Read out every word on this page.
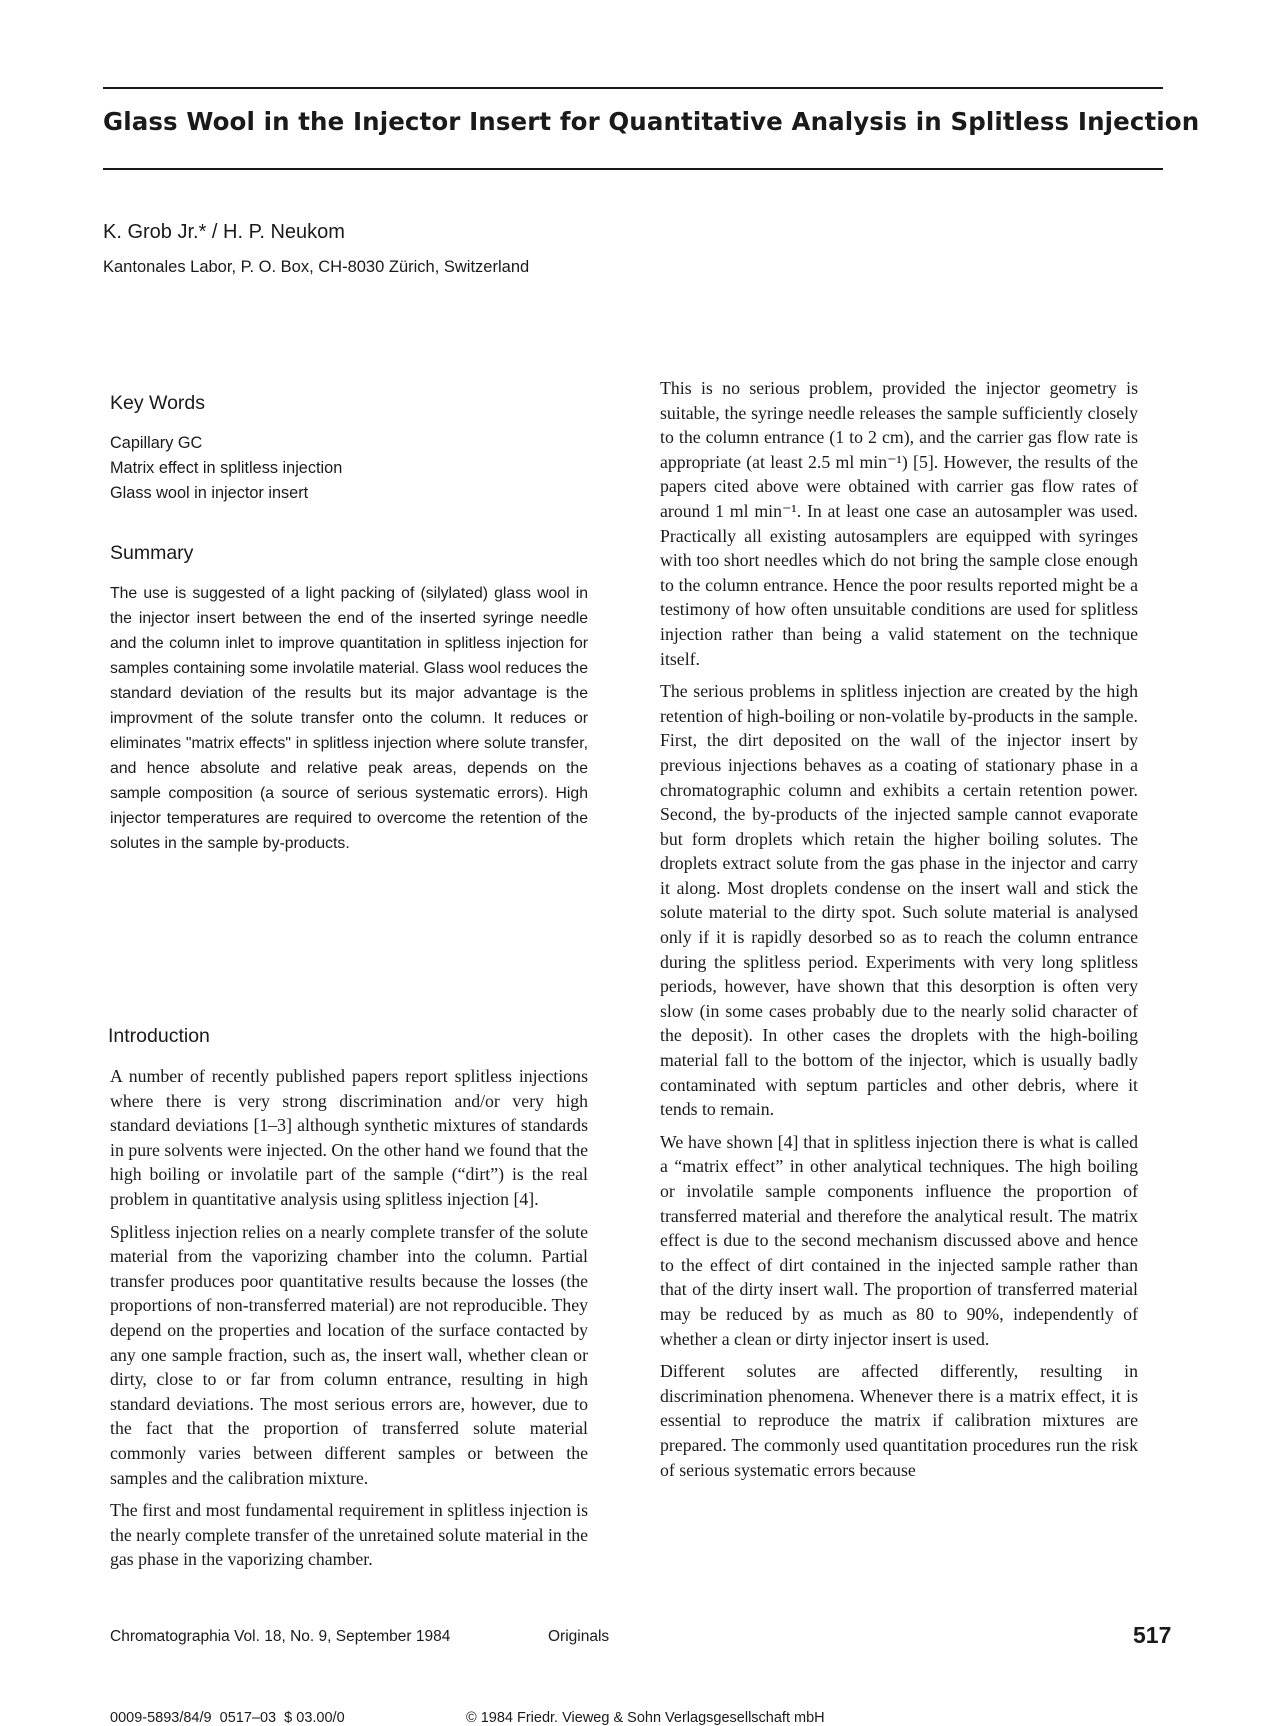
Glass Wool in the Injector Insert for Quantitative Analysis in Splitless Injection

K. Grob Jr.* / H. P. Neukom

Kantonales Labor, P. O. Box, CH-8030 Zürich, Switzerland

Key Words
Capillary GC
Matrix effect in splitless injection
Glass wool in injector insert
Summary

The use is suggested of a light packing of (silylated) glass wool in the injector insert between the end of the inserted syringe needle and the column inlet to improve quantitation in splitless injection for samples containing some involatile material. Glass wool reduces the standard deviation of the results but its major advantage is the improvment of the solute transfer onto the column. It reduces or eliminates "matrix effects" in splitless injection where solute transfer, and hence absolute and relative peak areas, depends on the sample composition (a source of serious systematic errors). High injector temperatures are required to overcome the retention of the solutes in the sample by-products.

Introduction

A number of recently published papers report splitless injections where there is very strong discrimination and/or very high standard deviations [1–3] although synthetic mixtures of standards in pure solvents were injected. On the other hand we found that the high boiling or involatile part of the sample (“dirt”) is the real problem in quantitative analysis using splitless injection [4].

Splitless injection relies on a nearly complete transfer of the solute material from the vaporizing chamber into the column. Partial transfer produces poor quantitative results because the losses (the proportions of non-transferred material) are not reproducible. They depend on the properties and location of the surface contacted by any one sample fraction, such as, the insert wall, whether clean or dirty, close to or far from column entrance, resulting in high standard deviations. The most serious errors are, however, due to the fact that the proportion of transferred solute material commonly varies between different samples or between the samples and the calibration mixture.

The first and most fundamental requirement in splitless injection is the nearly complete transfer of the unretained solute material in the gas phase in the vaporizing chamber.

This is no serious problem, provided the injector geometry is suitable, the syringe needle releases the sample sufficiently closely to the column entrance (1 to 2 cm), and the carrier gas flow rate is appropriate (at least 2.5 ml min⁻¹) [5]. However, the results of the papers cited above were obtained with carrier gas flow rates of around 1 ml min⁻¹. In at least one case an autosampler was used. Practically all existing autosamplers are equipped with syringes with too short needles which do not bring the sample close enough to the column entrance. Hence the poor results reported might be a testimony of how often unsuitable conditions are used for splitless injection rather than being a valid statement on the technique itself.

The serious problems in splitless injection are created by the high retention of high-boiling or non-volatile by-products in the sample. First, the dirt deposited on the wall of the injector insert by previous injections behaves as a coating of stationary phase in a chromatographic column and exhibits a certain retention power. Second, the by-products of the injected sample cannot evaporate but form droplets which retain the higher boiling solutes. The droplets extract solute from the gas phase in the injector and carry it along. Most droplets condense on the insert wall and stick the solute material to the dirty spot. Such solute material is analysed only if it is rapidly desorbed so as to reach the column entrance during the splitless period. Experiments with very long splitless periods, however, have shown that this desorption is often very slow (in some cases probably due to the nearly solid character of the deposit). In other cases the droplets with the high-boiling material fall to the bottom of the injector, which is usually badly contaminated with septum particles and other debris, where it tends to remain.

We have shown [4] that in splitless injection there is what is called a “matrix effect” in other analytical techniques. The high boiling or involatile sample components influence the proportion of transferred material and therefore the analytical result. The matrix effect is due to the second mechanism discussed above and hence to the effect of dirt contained in the injected sample rather than that of the dirty insert wall. The proportion of transferred material may be reduced by as much as 80 to 90%, independently of whether a clean or dirty injector insert is used.

Different solutes are affected differently, resulting in discrimination phenomena. Whenever there is a matrix effect, it is essential to reproduce the matrix if calibration mixtures are prepared. The commonly used quantitation procedures run the risk of serious systematic errors because

Chromatographia Vol. 18, No. 9, September 1984	Originals	517

0009-5893/84/9  0517–03  $ 03.00/0	© 1984 Friedr. Vieweg & Sohn Verlagsgesellschaft mbH
